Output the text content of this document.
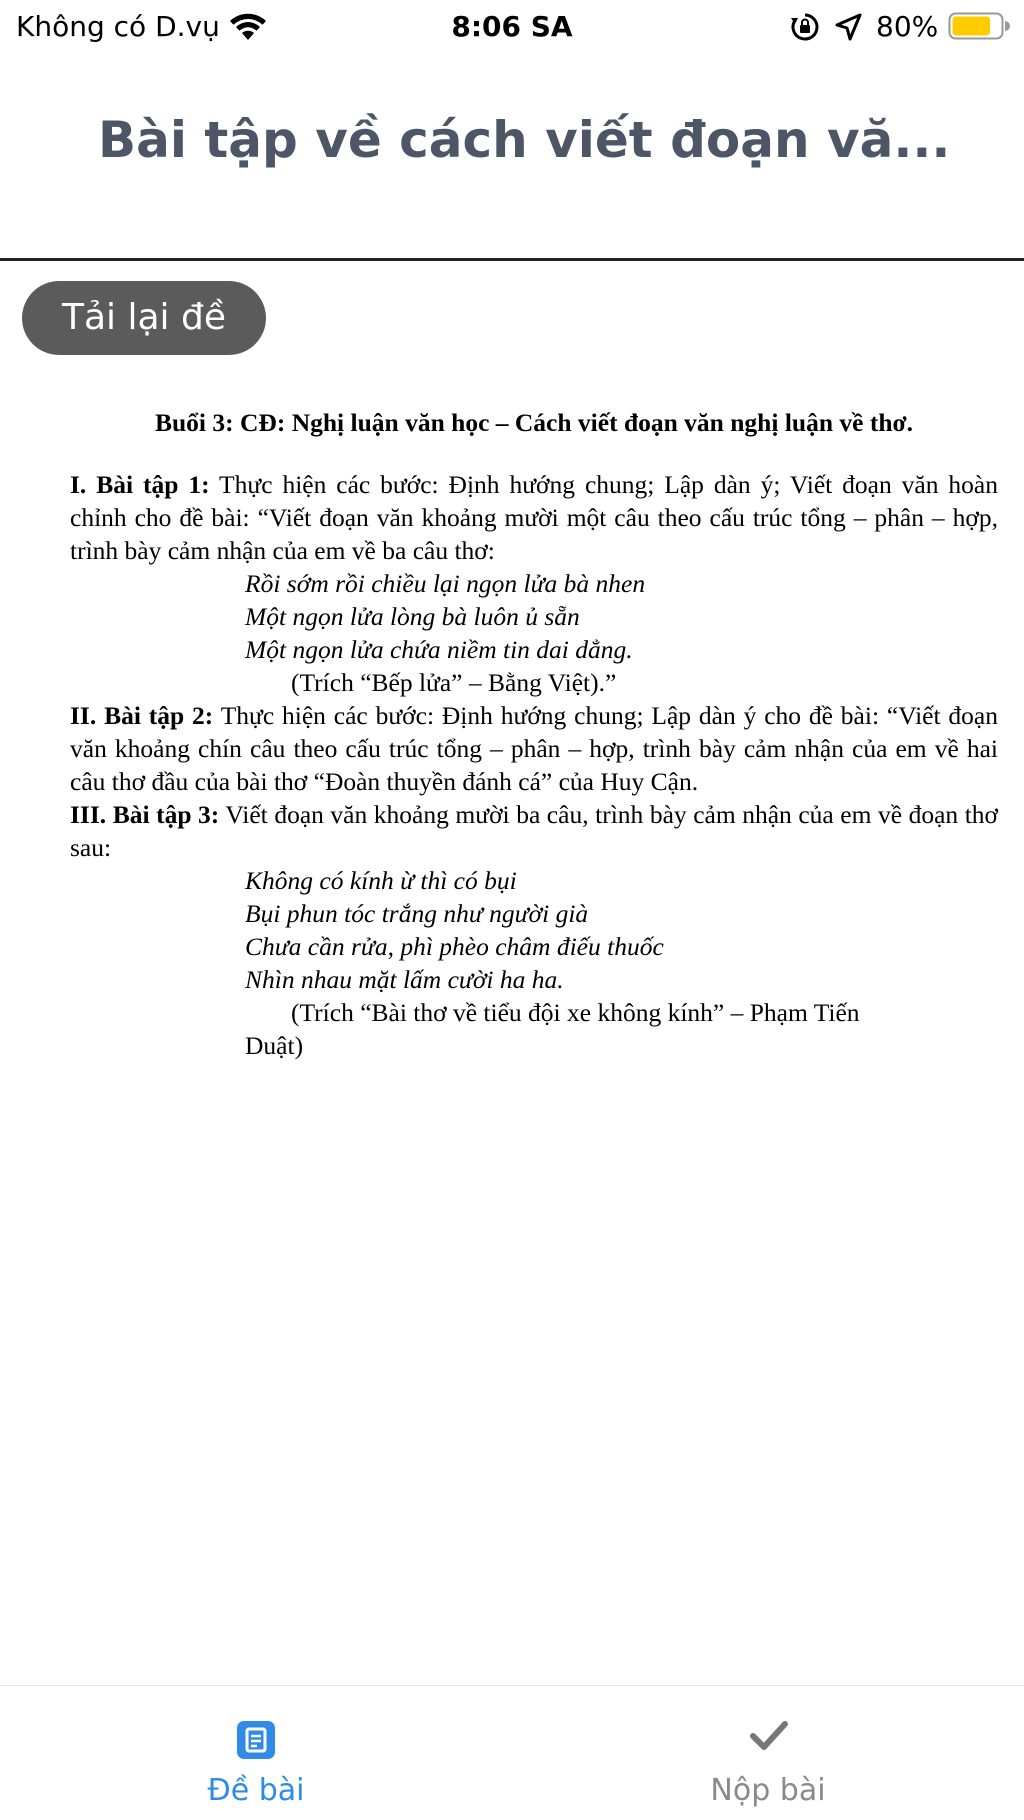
Không có D.vụ	8:06 SA	80%
Bài tập về cách viết đoạn vă...
Tải lại đề
Buổi 3: CĐ: Nghị luận văn học – Cách viết đoạn văn nghị luận về thơ.

I. Bài tập 1: Thực hiện các bước: Định hướng chung; Lập dàn ý; Viết đoạn văn hoàn chỉnh cho đề bài: “Viết đoạn văn khoảng mười một câu theo cấu trúc tổng – phân – hợp, trình bày cảm nhận của em về ba câu thơ:

Rồi sớm rồi chiều lại ngọn lửa bà nhen

Một ngọn lửa lòng bà luôn ủ sẵn

Một ngọn lửa chứa niềm tin dai dẳng.

(Trích “Bếp lửa” – Bằng Việt).”

II. Bài tập 2: Thực hiện các bước: Định hướng chung; Lập dàn ý cho đề bài: “Viết đoạn văn khoảng chín câu theo cấu trúc tổng – phân – hợp, trình bày cảm nhận của em về hai câu thơ đầu của bài thơ “Đoàn thuyền đánh cá” của Huy Cận.

III. Bài tập 3: Viết đoạn văn khoảng mười ba câu, trình bày cảm nhận của em về đoạn thơ sau:

Không có kính ừ thì có bụi

Bụi phun tóc trắng như người già

Chưa cần rửa, phì phèo châm điếu thuốc

Nhìn nhau mặt lấm cười ha ha.

(Trích “Bài thơ về tiểu đội xe không kính” – Phạm Tiến

Duật)

Đề bài	Nộp bài
